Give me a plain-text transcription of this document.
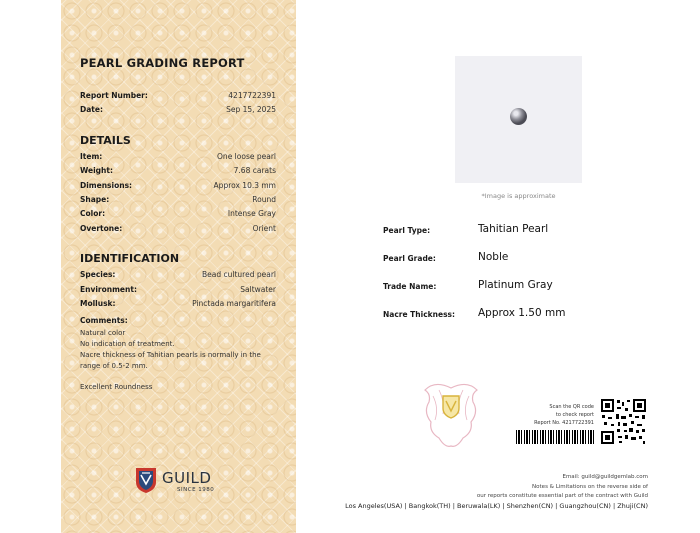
PEARL GRADING REPORT
Report Number:	4217722391
Date:	Sep 15, 2025
DETAILS
Item:	One loose pearl
Weight:	7.68 carats
Dimensions:	Approx 10.3 mm
Shape:	Round
Color:	Intense Gray
Overtone:	Orient
IDENTIFICATION
Species:	Bead cultured pearl
Environment:	Saltwater
Mollusk:	Pinctada margaritifera
Comments:
Natural color
No indication of treatment.
Nacre thickness of Tahitian pearls is normally in the
range of 0.5-2 mm.
Excellent Roundness
GUILD
SINCE 1980
*Image is approximate
Pearl Type:	Tahitian Pearl
Pearl Grade:	Noble
Trade Name:	Platinum Gray
Nacre Thickness: Approx 1.50 mm
Scan the QR code
to check report
Report No. 4217722391
Email: guild@guildgemlab.com
Notes & Limitations on the reverse side of
our reports constitute essential part of the contract with Guild
Los Angeles(USA) | Bangkok(TH) | Beruwala(LK) | Shenzhen(CN) | Guangzhou(CN) | Zhuji(CN)
